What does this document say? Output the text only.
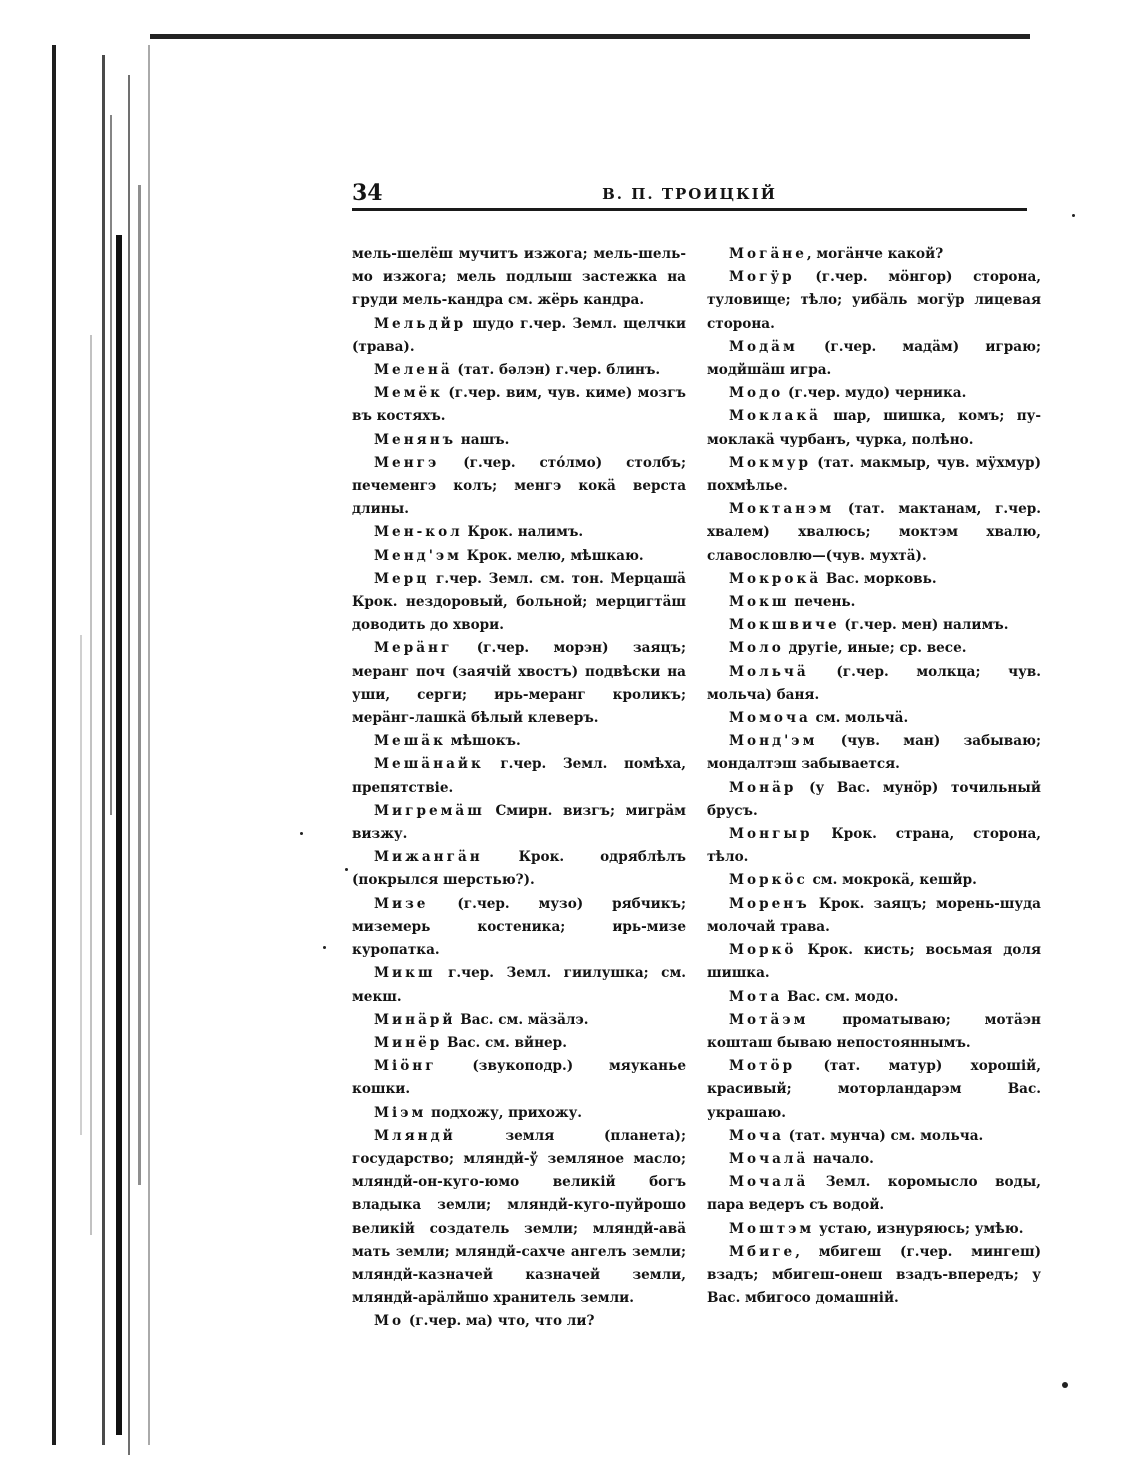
34	В. П. ТРОИЦКІЙ

мель-шелёш мучитъ изжога; мель-шель-мо изжога; мель подлыш застежка на груди мель-кандра см. жёрь кандра.

Мельдйр шудо г.чер. Земл. щелчки (трава).

Меленä (тат. бәлэн) г.чер. блинъ.

Мемёк (г.чер. вим, чув. киме) мозгъ въ костяхъ.

Менянъ нашъ.

Менгэ (г.чер. стóлмо) столбъ; печеменгэ колъ; менгэ кокä верста длины.

Мен-кол Крок. налимъ.

Менд'эм Крок. мелю, мѣшкаю.

Мерц г.чер. Земл. см. тон. Мерцашä Крок. нездоровый, больной; мерцигтäш доводить до хвори.

Мерäнг (г.чер. морэн) заяцъ; меранг поч (заячій хвостъ) подвѣски на уши, серги; ирь-меранг кроликъ; мерäнг-лашкä бѣлый клеверъ.

Мешäк мѣшокъ.

Мешäнайк г.чер. Земл. помѣха, препятствіе.

Мигремäш Смирн. визгъ; мигрäм визжу.

Мижангäн Крок. одряблѣлъ (покрылся шерстью?).

Мизе (г.чер. музо) рябчикъ; миземерь костеника; ирь-мизе куропатка.

Микш г.чер. Земл. гиилушка; см. мекш.

Минäрй Вас. см. мäзäлэ.

Минёр Вас. см. вйнер.

Міöнг (звукоподр.) мяуканье кошки.

Міэм подхожу, прихожу.

Мляндй земля (планета); государство; мляндй-ў земляное масло; мляндй-он-куго-юмо великій богъ владыка земли; мляндй-куго-пуйрошо великій создатель земли; мляндй-авä мать земли; мляндй-сахче ангелъ земли; мляндй-казначей казначей земли, мляндй-арäлйшо хранитель земли.

Мо (г.чер. ма) что, что ли?

Могäне, могäнче какой?

Могӱр (г.чер. мöнгор) сторона, туловище; тѣло; уибäль могӱр лицевая сторона.

Модäм (г.чер. мадäм) играю; модйшäш игра.

Модо (г.чер. мудо) черника.

Моклакä шар, шишка, комъ; пу-моклакä чурбанъ, чурка, полѣно.

Мокмур (тат. макмыр, чув. мӱхмур) похмѣлье.

Моктанэм (тат. мактанам, г.чер. хвалем) хвалюсь; моктэм хвалю, славословлю—(чув. мухтä).

Мокрокä Вас. морковь.

Мокш печень.

Мокшвиче (г.чер. мен) налимъ.

Моло другіе, иные; ср. весе.

Мольчä (г.чер. молкца; чув. мольча) баня.

Момоча см. мольчä.

Монд'эм (чув. ман) забываю; мондалтэш забывается.

Монäр (у Вас. мунöр) точильный брусъ.

Монгыр Крок. страна, сторона, тѣло.

Моркöс см. мокрокä, кешйр.

Моренъ Крок. заяцъ; морень-шуда молочай трава.

Моркö Крок. кисть; восьмая доля шишка.

Мота Вас. см. модо.

Мотäэм проматываю; мотäэн кошташ бываю непостояннымъ.

Мотöр (тат. матур) хорошій, красивый; моторландарэм Вас. украшаю.

Моча (тат. мунча) см. мольча.

Мочалä начало.

Мочалä Земл. коромысло воды, пара ведеръ съ водой.

Моштэм устаю, изнуряюсь; умѣю.

Мбиге, мбигеш (г.чер. мингеш) взадъ; мбигеш-онеш взадъ-впередъ; у Вас. мбигосо домашній.
